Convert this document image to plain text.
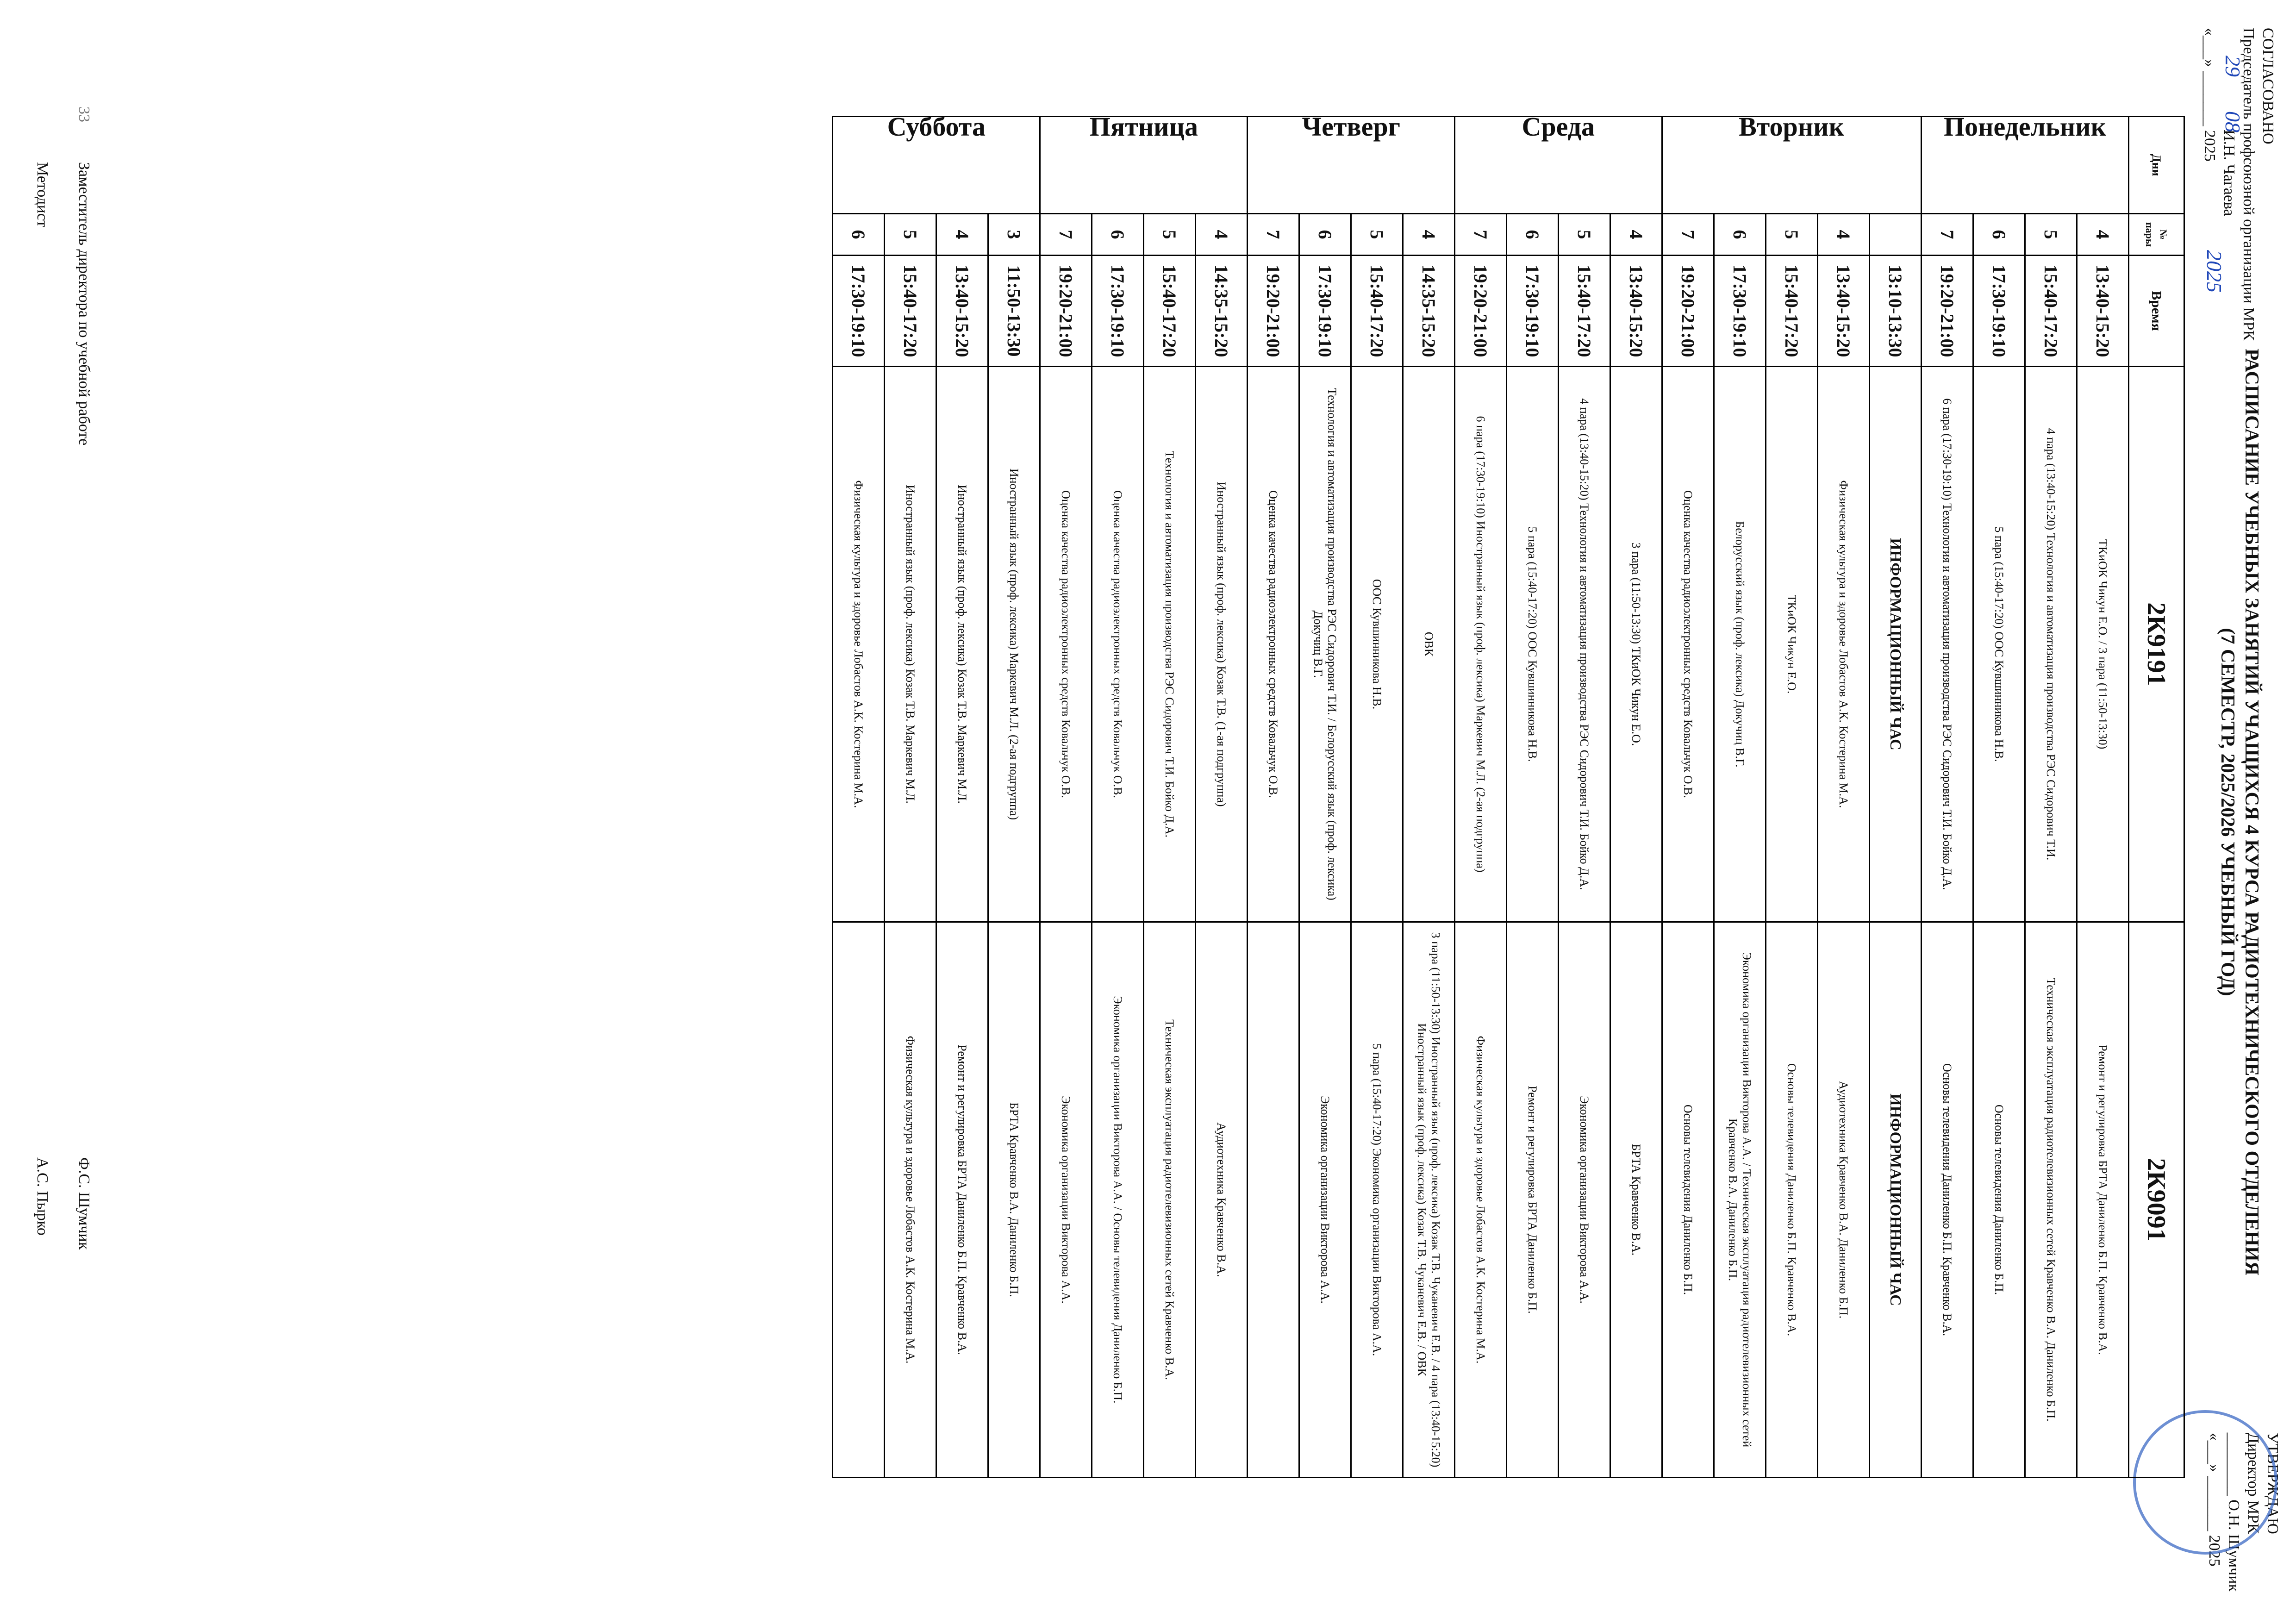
СОГЛАСОВАНО
Председатель профсоюзной организации МРК
И.Н. Чагаева
«___» _______ 2025 29
08
2025
УТВЕРЖДАЮ
Директор МРК
________ О.Н. Шумчик
«___» _______ 2025
РАСПИСАНИЕ УЧЕБНЫХ ЗАНЯТИЙ УЧАЩИХСЯ 4 КУРСА РАДИОТЕХНИЧЕСКОГО ОТДЕЛЕНИЯ
(7 СЕМЕСТР, 2025/2026 УЧЕБНЫЙ ГОД)
Дни	№ пары	Время	2К9191	2К9091

Понедельник	4	13:40-15:20	ТКиОК Чикун Е.О. / 3 пара (11:50-13:30)	Ремонт и регулировка БРТА Даниленко Б.П. Кравченко В.А.
	5	15:40-17:20	4 пара (13:40-15:20) Технология и автоматизация производства РЭС Сидорович Т.И.	Техническая эксплуатация радиотелевизионных сетей Кравченко В.А. Даниленко Б.П.
	6	17:30-19:10	5 пара (15:40-17:20) ООС Кувшинникова Н.В.	Основы телевидения Даниленко Б.П.
	7	19:20-21:00	6 пара (17:30-19:10) Технология и автоматизация производства РЭС Сидорович Т.И. Бойко Д.А.	Основы телевидения Даниленко Б.П. Кравченко В.А.

Вторник		13:10-13:30	ИНФОРМАЦИОННЫЙ ЧАС	ИНФОРМАЦИОННЫЙ ЧАС
	4	13:40-15:20	Физическая культура и здоровье Лобастов А.К. Костерина М.А.	Аудиотехника Кравченко В.А. Даниленко Б.П.
	5	15:40-17:20	ТКиОК Чикун Е.О.	Основы телевидения Даниленко Б.П. Кравченко В.А.
	6	17:30-19:10	Белорусский язык (проф. лексика) Докучиц В.Г.	Экономика организации Викторова А.А. / Техническая эксплуатация радиотелевизионных сетей Кравченко В.А. Даниленко Б.П.
	7	19:20-21:00	Оценка качества радиоэлектронных средств Ковальчук О.В.	Основы телевидения Даниленко Б.П.

Среда	4	13:40-15:20	3 пара (11:50-13:30) ТКиОК Чикун Е.О.	БРТА Кравченко В.А.
	5	15:40-17:20	4 пара (13:40-15:20) Технология и автоматизация производства РЭС Сидорович Т.И. Бойко Д.А.	Экономика организации Викторова А.А.
	6	17:30-19:10	5 пара (15:40-17:20) ООС Кувшинникова Н.В.	Ремонт и регулировка БРТА Даниленко Б.П.
	7	19:20-21:00	6 пара (17:30-19:10) Иностранный язык (проф. лексика) Маркевич М.Л. (2-ая подгруппа)	Физическая культура и здоровье Лобастов А.К. Костерина М.А.

Четверг	4	14:35-15:20	ОВК	3 пара (11:50-13:30) Иностранный язык (проф. лексика) Козак Т.В. Чуканевич Е.В. / 4 пара (13:40-15:20) Иностранный язык (проф. лексика) Козак Т.В. Чуканевич Е.В. / ОВК
	5	15:40-17:20	ООС Кувшинникова Н.В.	5 пара (15:40-17:20) Экономика организации Викторова А.А.
	6	17:30-19:10	Технология и автоматизация производства РЭС Сидорович Т.И. / Белорусский язык (проф. лексика) Докучиц В.Г.	Экономика организации Викторова А.А.
	7	19:20-21:00	Оценка качества радиоэлектронных средств Ковальчук О.В.	

Пятница	4	14:35-15:20	Иностранный язык (проф. лексика) Козак Т.В. (1-ая подгруппа)	Аудиотехника Кравченко В.А.
	5	15:40-17:20	Технология и автоматизация производства РЭС Сидорович Т.И. Бойко Д.А.	Техническая эксплуатация радиотелевизионных сетей Кравченко В.А.
	6	17:30-19:10	Оценка качества радиоэлектронных средств Ковальчук О.В.	Экономика организации Викторова А.А. / Основы телевидения Даниленко Б.П.
	7	19:20-21:00	Оценка качества радиоэлектронных средств Ковальчук О.В.	Экономика организации Викторова А.А.

Суббота	3	11:50-13:30	Иностранный язык (проф. лексика) Маркевич М.Л. (2-ая подгруппа)	БРТА Кравченко В.А. Даниленко Б.П.
	4	13:40-15:20	Иностранный язык (проф. лексика) Козак Т.В. Маркевич М.Л.	Ремонт и регулировка БРТА Даниленко Б.П. Кравченко В.А.
	5	15:40-17:20	Иностранный язык (проф. лексика) Козак Т.В. Маркевич М.Л.	Физическая культура и здоровье Лобастов А.К. Костерина М.А.
	6	17:30-19:10	Физическая культура и здоровье Лобастов А.К. Костерина М.А.	
Заместитель директора по учебной работе
Ф.С. Шумчик
Методист
А.С. Пырко
33
